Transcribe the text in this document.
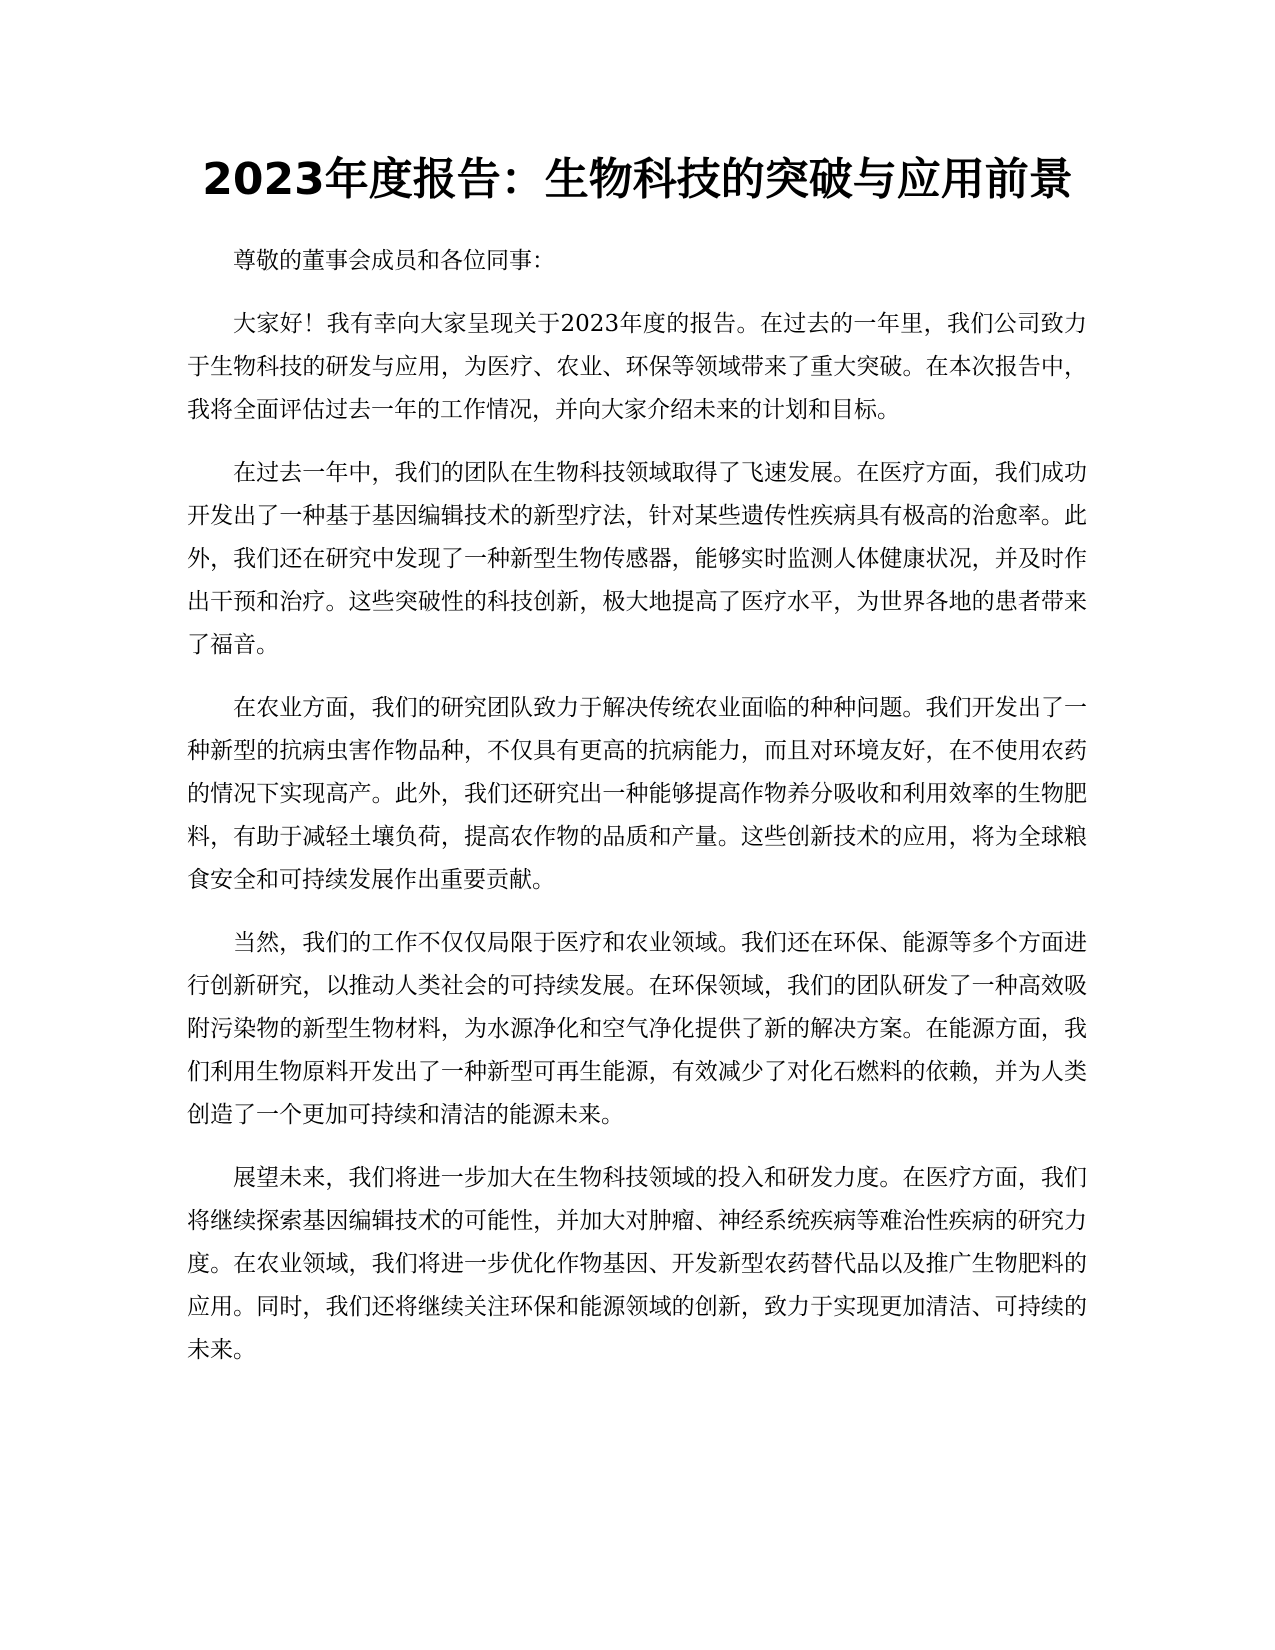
2023年度报告：生物科技的突破与应用前景

尊敬的董事会成员和各位同事：

大家好！我有幸向大家呈现关于2023年度的报告。在过去的一年里，我们公司致力于生物科技的研发与应用，为医疗、农业、环保等领域带来了重大突破。在本次报告中，我将全面评估过去一年的工作情况，并向大家介绍未来的计划和目标。

在过去一年中，我们的团队在生物科技领域取得了飞速发展。在医疗方面，我们成功开发出了一种基于基因编辑技术的新型疗法，针对某些遗传性疾病具有极高的治愈率。此外，我们还在研究中发现了一种新型生物传感器，能够实时监测人体健康状况，并及时作出干预和治疗。这些突破性的科技创新，极大地提高了医疗水平，为世界各地的患者带来了福音。

在农业方面，我们的研究团队致力于解决传统农业面临的种种问题。我们开发出了一种新型的抗病虫害作物品种，不仅具有更高的抗病能力，而且对环境友好，在不使用农药的情况下实现高产。此外，我们还研究出一种能够提高作物养分吸收和利用效率的生物肥料，有助于减轻土壤负荷，提高农作物的品质和产量。这些创新技术的应用，将为全球粮食安全和可持续发展作出重要贡献。

当然，我们的工作不仅仅局限于医疗和农业领域。我们还在环保、能源等多个方面进行创新研究，以推动人类社会的可持续发展。在环保领域，我们的团队研发了一种高效吸附污染物的新型生物材料，为水源净化和空气净化提供了新的解决方案。在能源方面，我们利用生物原料开发出了一种新型可再生能源，有效减少了对化石燃料的依赖，并为人类创造了一个更加可持续和清洁的能源未来。

展望未来，我们将进一步加大在生物科技领域的投入和研发力度。在医疗方面，我们将继续探索基因编辑技术的可能性，并加大对肿瘤、神经系统疾病等难治性疾病的研究力度。在农业领域，我们将进一步优化作物基因、开发新型农药替代品以及推广生物肥料的应用。同时，我们还将继续关注环保和能源领域的创新，致力于实现更加清洁、可持续的未来。
